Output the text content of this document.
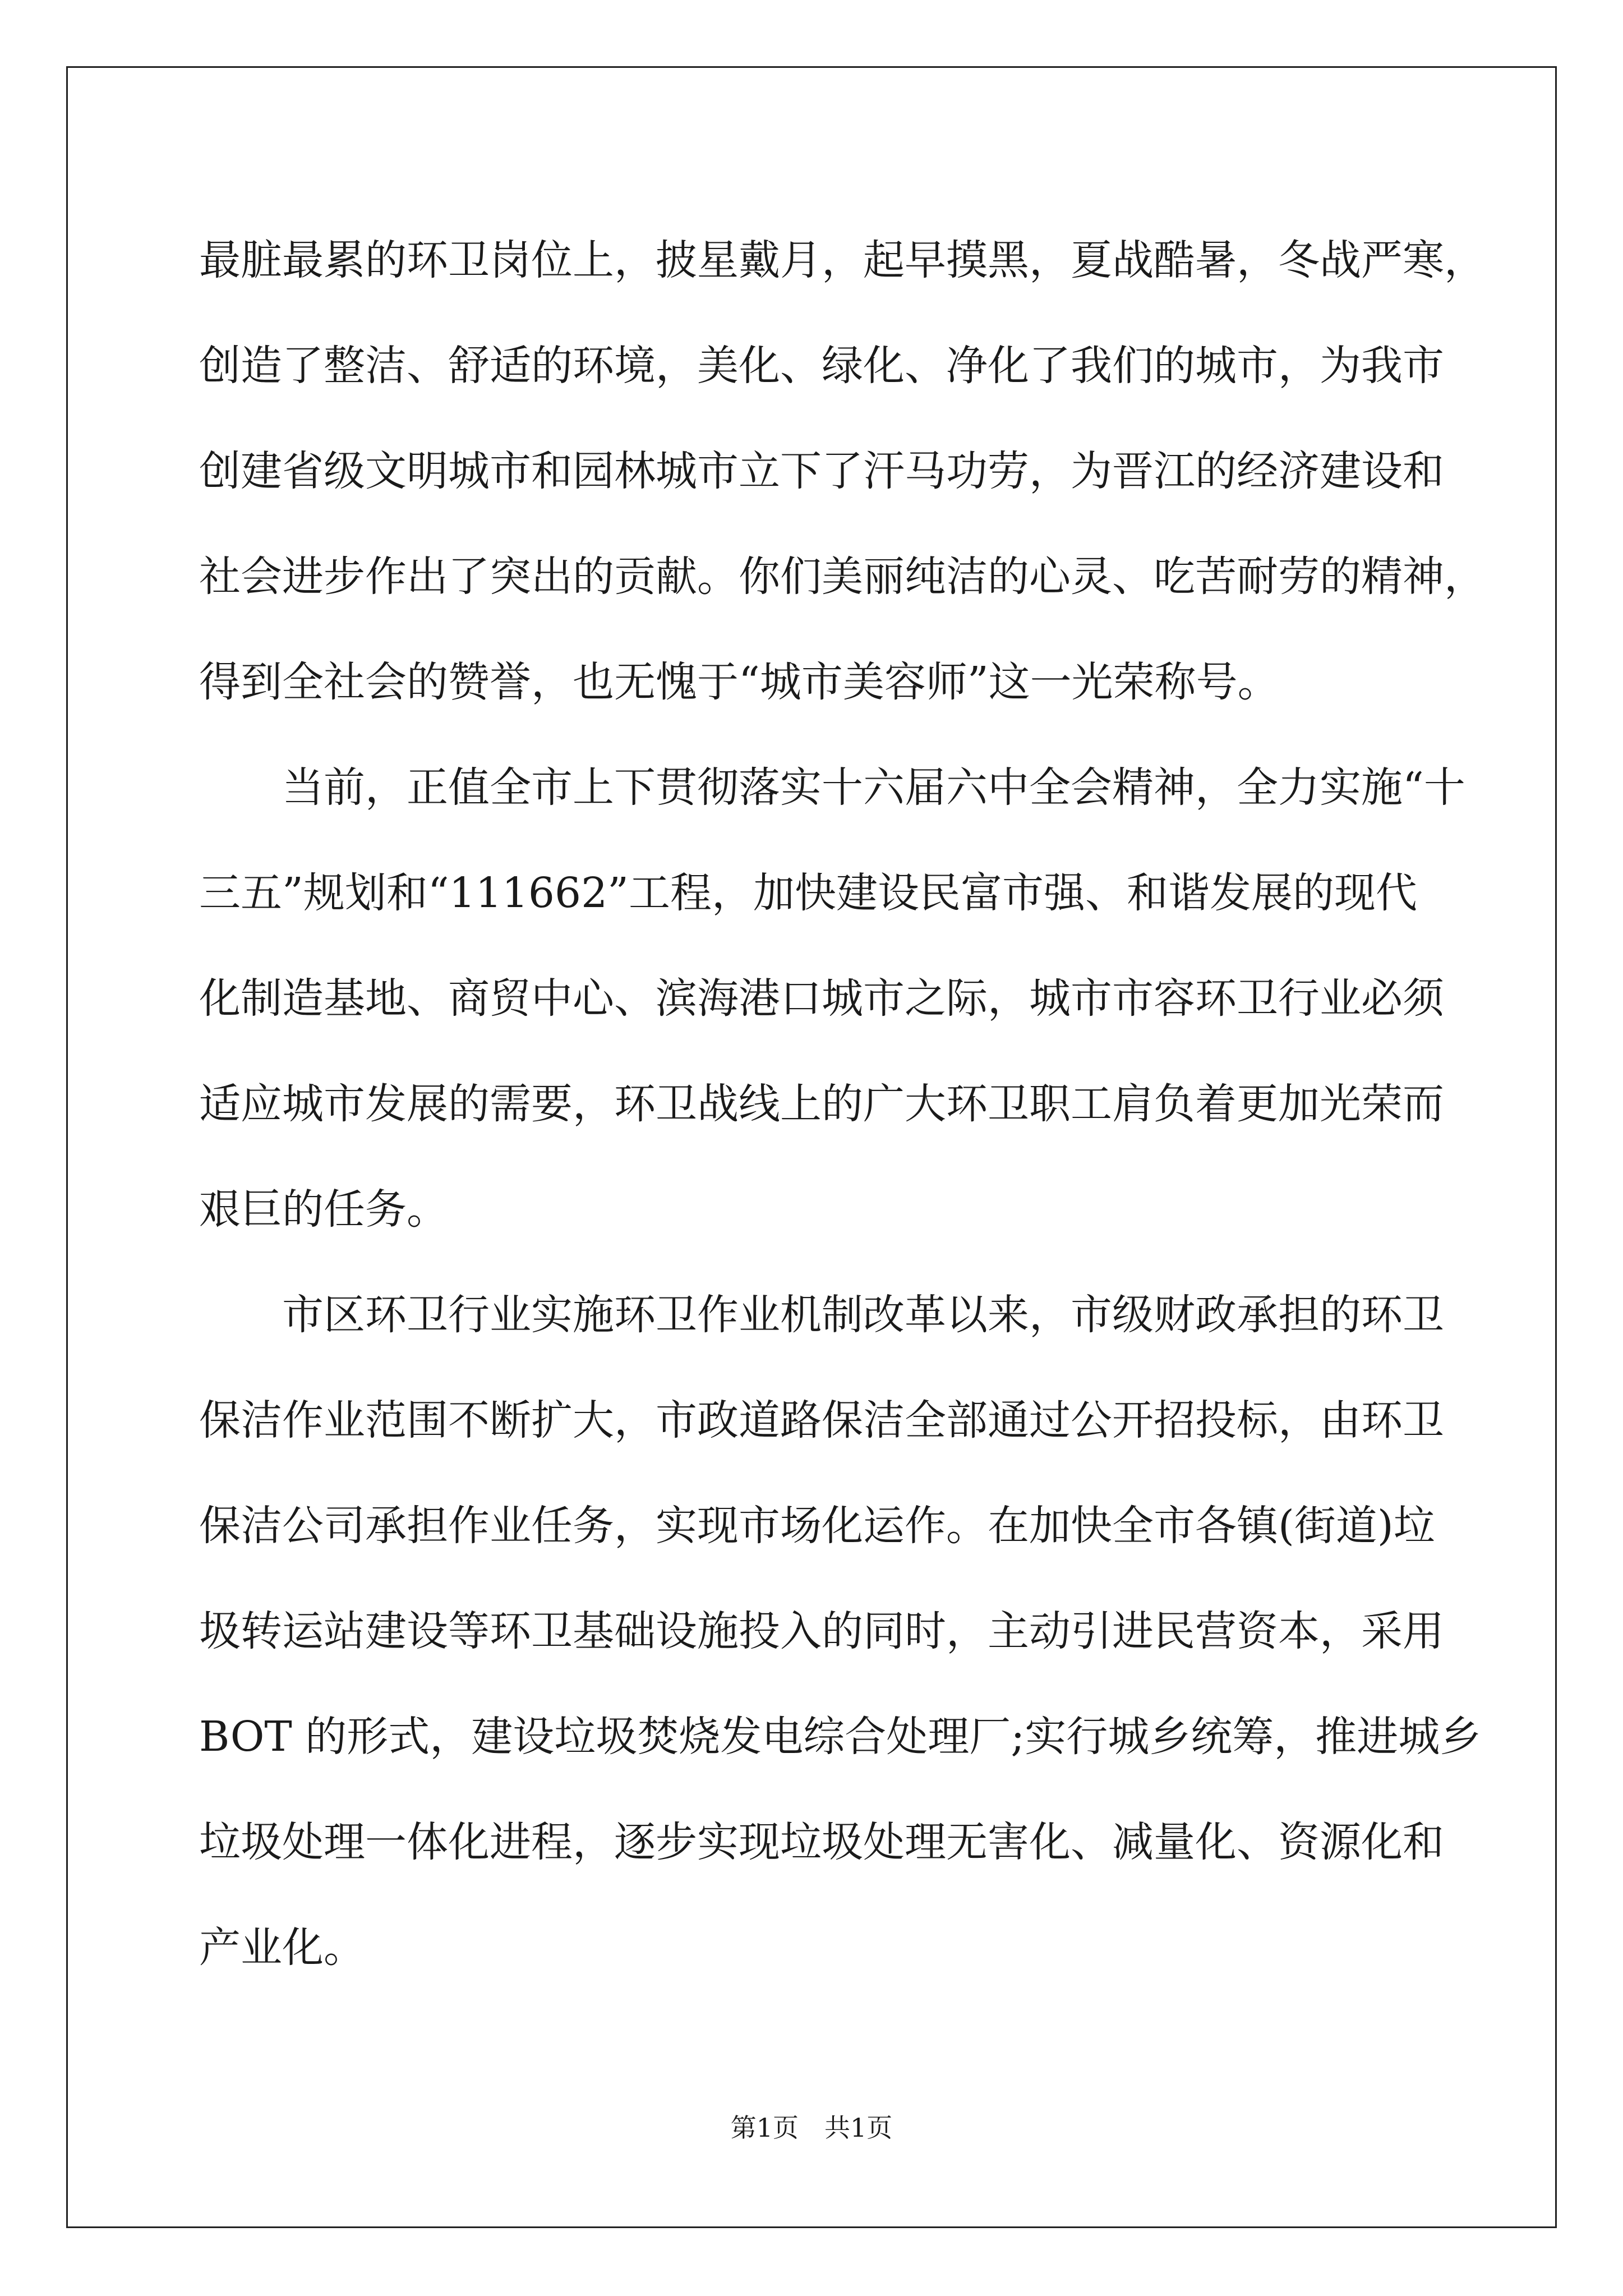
最脏最累的环卫岗位上，披星戴月，起早摸黑，夏战酷暑，冬战严寒，
创造了整洁、舒适的环境，美化、绿化、净化了我们的城市，为我市
创建省级文明城市和园林城市立下了汗马功劳，为晋江的经济建设和
社会进步作出了突出的贡献。你们美丽纯洁的心灵、吃苦耐劳的精神，
得到全社会的赞誉，也无愧于“城市美容师”这一光荣称号。
　　当前，正值全市上下贯彻落实十六届六中全会精神，全力实施“十
三五”规划和“111662”工程，加快建设民富市强、和谐发展的现代
化制造基地、商贸中心、滨海港口城市之际，城市市容环卫行业必须
适应城市发展的需要，环卫战线上的广大环卫职工肩负着更加光荣而
艰巨的任务。
　　市区环卫行业实施环卫作业机制改革以来，市级财政承担的环卫
保洁作业范围不断扩大，市政道路保洁全部通过公开招投标，由环卫
保洁公司承担作业任务，实现市场化运作。在加快全市各镇(街道)垃
圾转运站建设等环卫基础设施投入的同时，主动引进民营资本，采用
BOT 的形式，建设垃圾焚烧发电综合处理厂;实行城乡统筹，推进城乡
垃圾处理一体化进程，逐步实现垃圾处理无害化、减量化、资源化和
产业化。
第1页 共1页
